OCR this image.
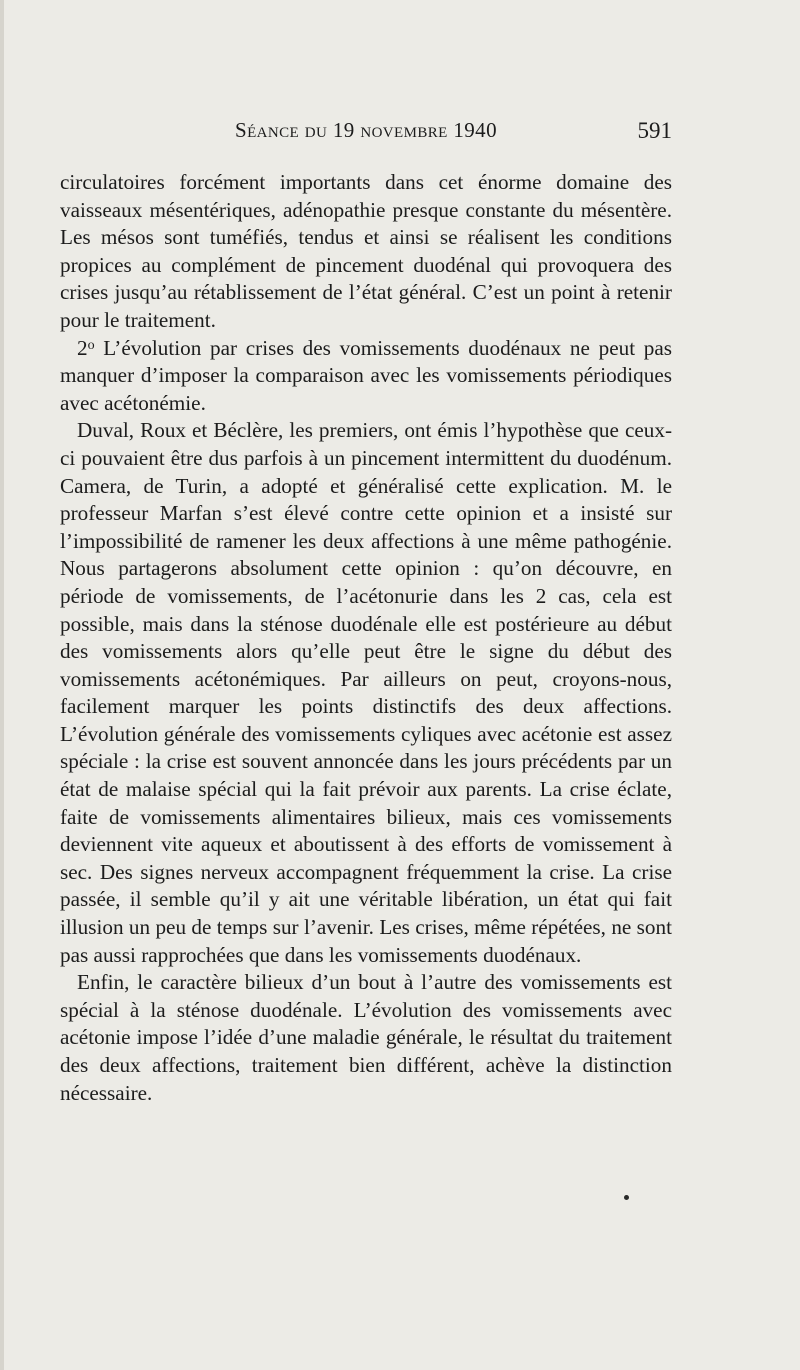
Séance du 19 novembre 1940	591

circulatoires forcément importants dans cet énorme domaine des vaisseaux mésentériques, adénopathie presque constante du mésentère. Les mésos sont tuméfiés, tendus et ainsi se réalisent les conditions propices au complément de pincement duodénal qui provoquera des crises jusqu’au rétablissement de l’état général. C’est un point à retenir pour le traitement.

2$^o$ L’évolution par crises des vomissements duodénaux ne peut pas manquer d’imposer la comparaison avec les vomissements périodiques avec acétonémie.

Duval, Roux et Béclère, les premiers, ont émis l’hypothèse que ceux-ci pouvaient être dus parfois à un pincement intermittent du duodénum. Camera, de Turin, a adopté et généralisé cette explication. M. le professeur Marfan s’est élevé contre cette opinion et a insisté sur l’impossibilité de ramener les deux affections à une même pathogénie. Nous partagerons absolument cette opinion : qu’on découvre, en période de vomissements, de l’acétonurie dans les 2 cas, cela est possible, mais dans la sténose duodénale elle est postérieure au début des vomissements alors qu’elle peut être le signe du début des vomissements acétonémiques. Par ailleurs on peut, croyons-nous, facilement marquer les points distinctifs des deux affections. L’évolution générale des vomissements cyliques avec acétonie est assez spéciale : la crise est souvent annoncée dans les jours précédents par un état de malaise spécial qui la fait prévoir aux parents. La crise éclate, faite de vomissements alimentaires bilieux, mais ces vomissements deviennent vite aqueux et aboutissent à des efforts de vomissement à sec. Des signes nerveux accompagnent fréquemment la crise. La crise passée, il semble qu’il y ait une véritable libération, un état qui fait illusion un peu de temps sur l’avenir. Les crises, même répétées, ne sont pas aussi rapprochées que dans les vomissements duodénaux.

Enfin, le caractère bilieux d’un bout à l’autre des vomissements est spécial à la sténose duodénale. L’évolution des vomissements avec acétonie impose l’idée d’une maladie générale, le résultat du traitement des deux affections, traitement bien différent, achève la distinction nécessaire.
